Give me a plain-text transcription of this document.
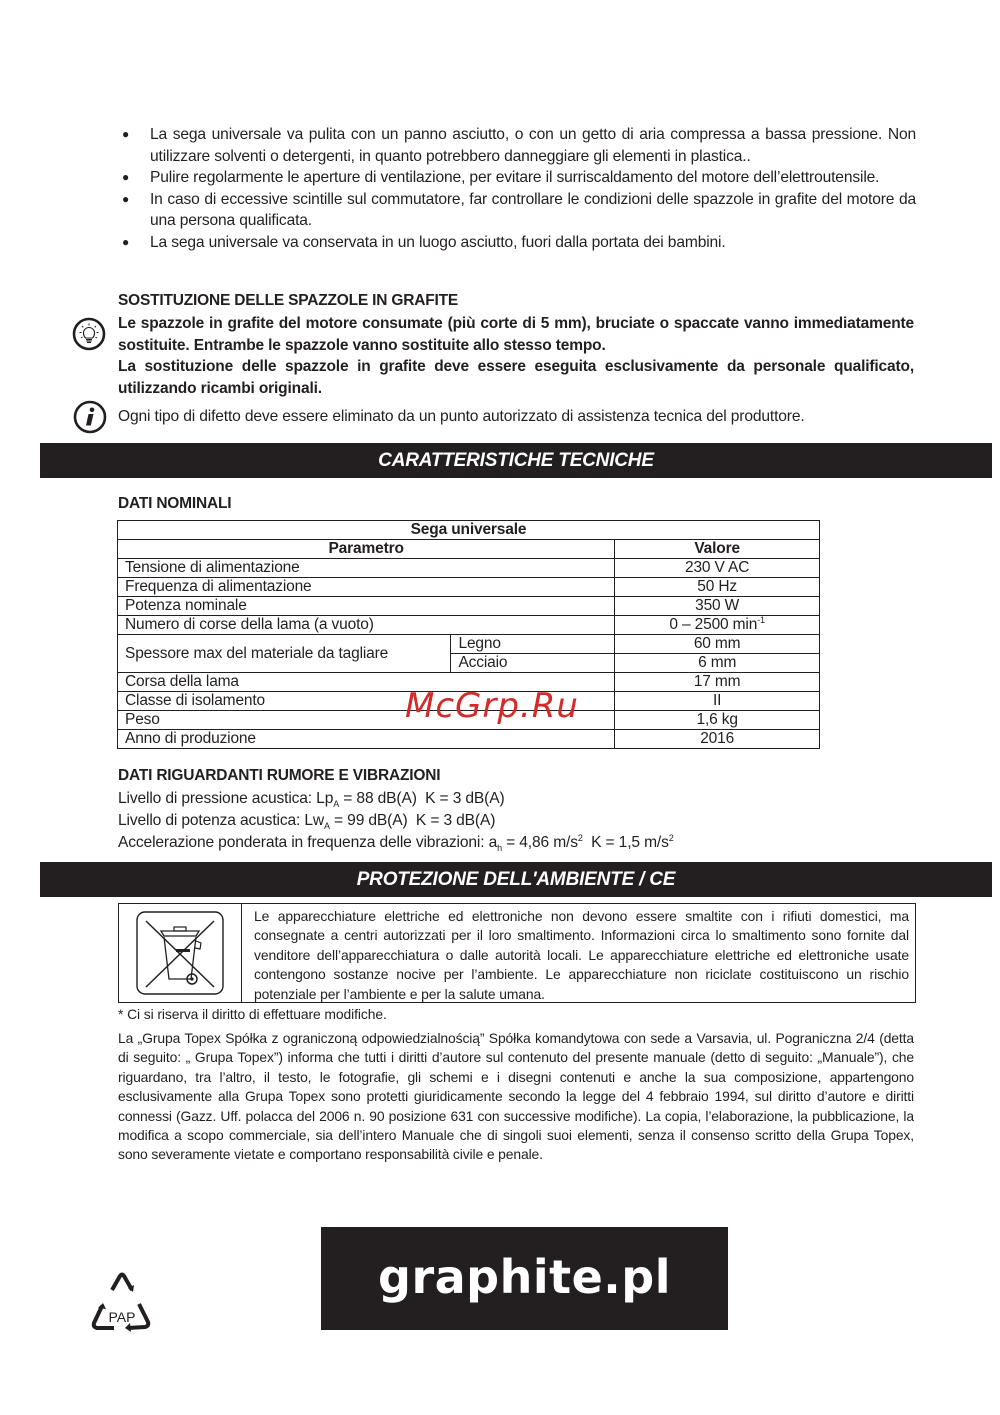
● La sega universale va pulita con un panno asciutto, o con un getto di aria compressa a bassa pressione. Non utilizzare solventi o detergenti, in quanto potrebbero danneggiare gli elementi in plastica..
● Pulire regolarmente le aperture di ventilazione, per evitare il surriscaldamento del motore dell’elettroutensile.
● In caso di eccessive scintille sul commutatore, far controllare le condizioni delle spazzole in grafite del motore da una persona qualificata.
● La sega universale va conservata in un luogo asciutto, fuori dalla portata dei bambini.
SOSTITUZIONE DELLE SPAZZOLE IN GRAFITE
Le spazzole in grafite del motore consumate (più corte di 5 mm), bruciate o spaccate vanno immediatamente sostituite. Entrambe le spazzole vanno sostituite allo stesso tempo.
La sostituzione delle spazzole in grafite deve essere eseguita esclusivamente da personale qualificato, utilizzando ricambi originali.
Ogni tipo di difetto deve essere eliminato da un punto autorizzato di assistenza tecnica del produttore.
CARATTERISTICHE TECNICHE
DATI NOMINALI
Sega universale		
Parametro		Valore
Tensione di alimentazione		230 V AC
Frequenza di alimentazione		50 Hz
Potenza nominale		350 W
Numero di corse della lama (a vuoto)		0 – 2500 $\min^{-1}$
Spessore max del materiale da tagliare	Legno	60 mm
	Acciaio	6 mm
Corsa della lama		17 mm
Classe di isolamento		II
Peso		1,6 kg
Anno di produzione		2016
McGrp.Ru
DATI RIGUARDANTI RUMORE E VIBRAZIONI
Livello di pressione acustica: $Lp_A = 88$ dB(A)  K = 3 dB(A)
Livello di potenza acustica: $Lw_A = 99$ dB(A)  K = 3 dB(A)
Accelerazione ponderata in frequenza delle vibrazioni: $a_h = 4,86$ $m/s^2$  K = 1,5 $m/s^2$
PROTEZIONE DELL'AMBIENTE / CE
Le apparecchiature elettriche ed elettroniche non devono essere smaltite con i rifiuti domestici, ma consegnate a centri autorizzati per il loro smaltimento. Informazioni circa lo smaltimento sono fornite dal venditore dell’apparecchiatura o dalle autorità locali. Le apparecchiature elettriche ed elettroniche usate contengono sostanze nocive per l’ambiente. Le apparecchiature non riciclate costituiscono un rischio potenziale per l’ambiente e per la salute umana.
* Ci si riserva il diritto di effettuare modifiche.
La „Grupa Topex Spółka z ograniczoną odpowiedzialnością” Spółka komandytowa con sede a Varsavia, ul. Pograniczna 2/4 (detta di seguito: „ Grupa Topex”) informa che tutti i diritti d’autore sul contenuto del presente manuale (detto di seguito: „Manuale”), che riguardano, tra l’altro, il testo, le fotografie, gli schemi e i disegni contenuti e anche la sua composizione, appartengono esclusivamente alla Grupa Topex sono protetti giuridicamente secondo la legge del 4 febbraio 1994, sul diritto d’autore e diritti connessi (Gazz. Uff. polacca del 2006 n. 90 posizione 631 con successive modifiche). La copia, l’elaborazione, la pubblicazione, la modifica a scopo commerciale, sia dell’intero Manuale che di singoli suoi elementi, senza il consenso scritto della Grupa Topex, sono severamente vietate e comportano responsabilità civile e penale.
PAP
graphite.pl
